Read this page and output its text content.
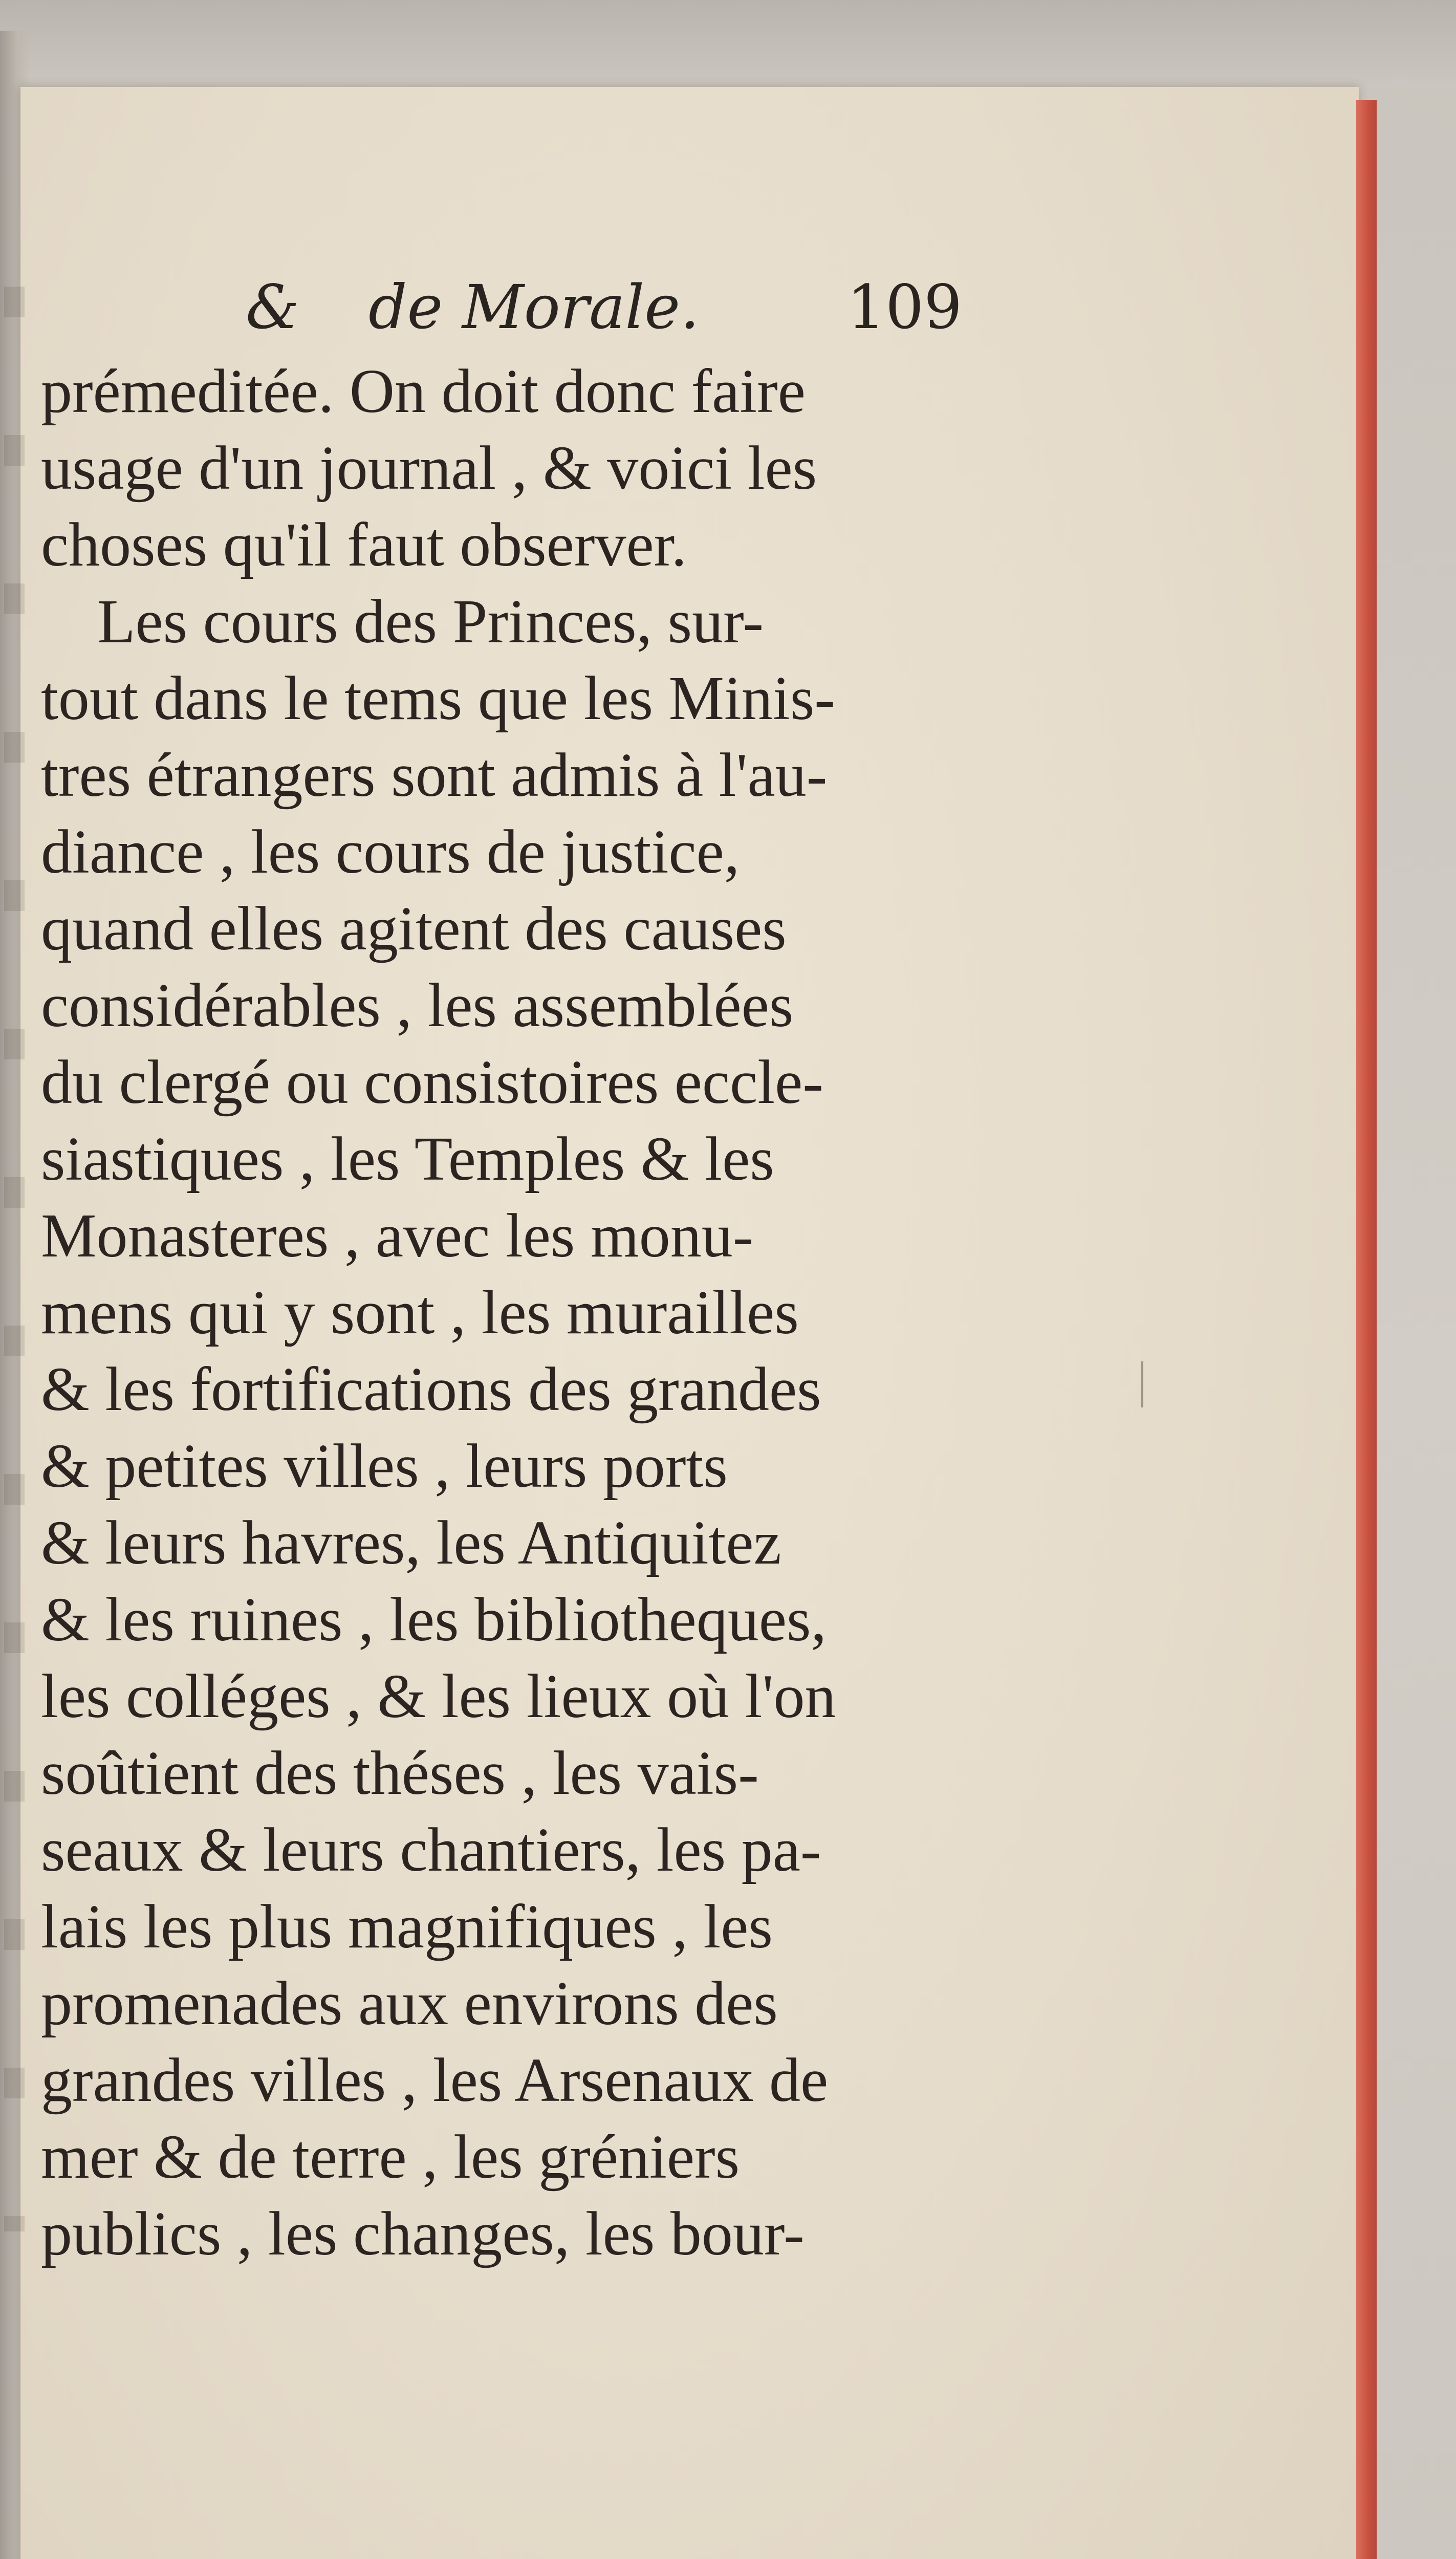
& de Morale. 109
prémeditée. On doit donc faire
usage d'un journal , & voici les
choses qu'il faut observer.
Les cours des Princes, sur-
tout dans le tems que les Minis-
tres étrangers sont admis à l'au-
diance , les cours de justice,
quand elles agitent des causes
considérables , les assemblées
du clergé ou consistoires eccle-
siastiques , les Temples & les
Monasteres , avec les monu-
mens qui y sont , les murailles
& les fortifications des grandes
& petites villes , leurs ports
& leurs havres, les Antiquitez
& les ruines , les bibliotheques,
les colléges , & les lieux où l'on
soûtient des théses , les vais-
seaux & leurs chantiers, les pa-
lais les plus magnifiques , les
promenades aux environs des
grandes villes , les Arsenaux de
mer & de terre , les gréniers
publics , les changes, les bour-
